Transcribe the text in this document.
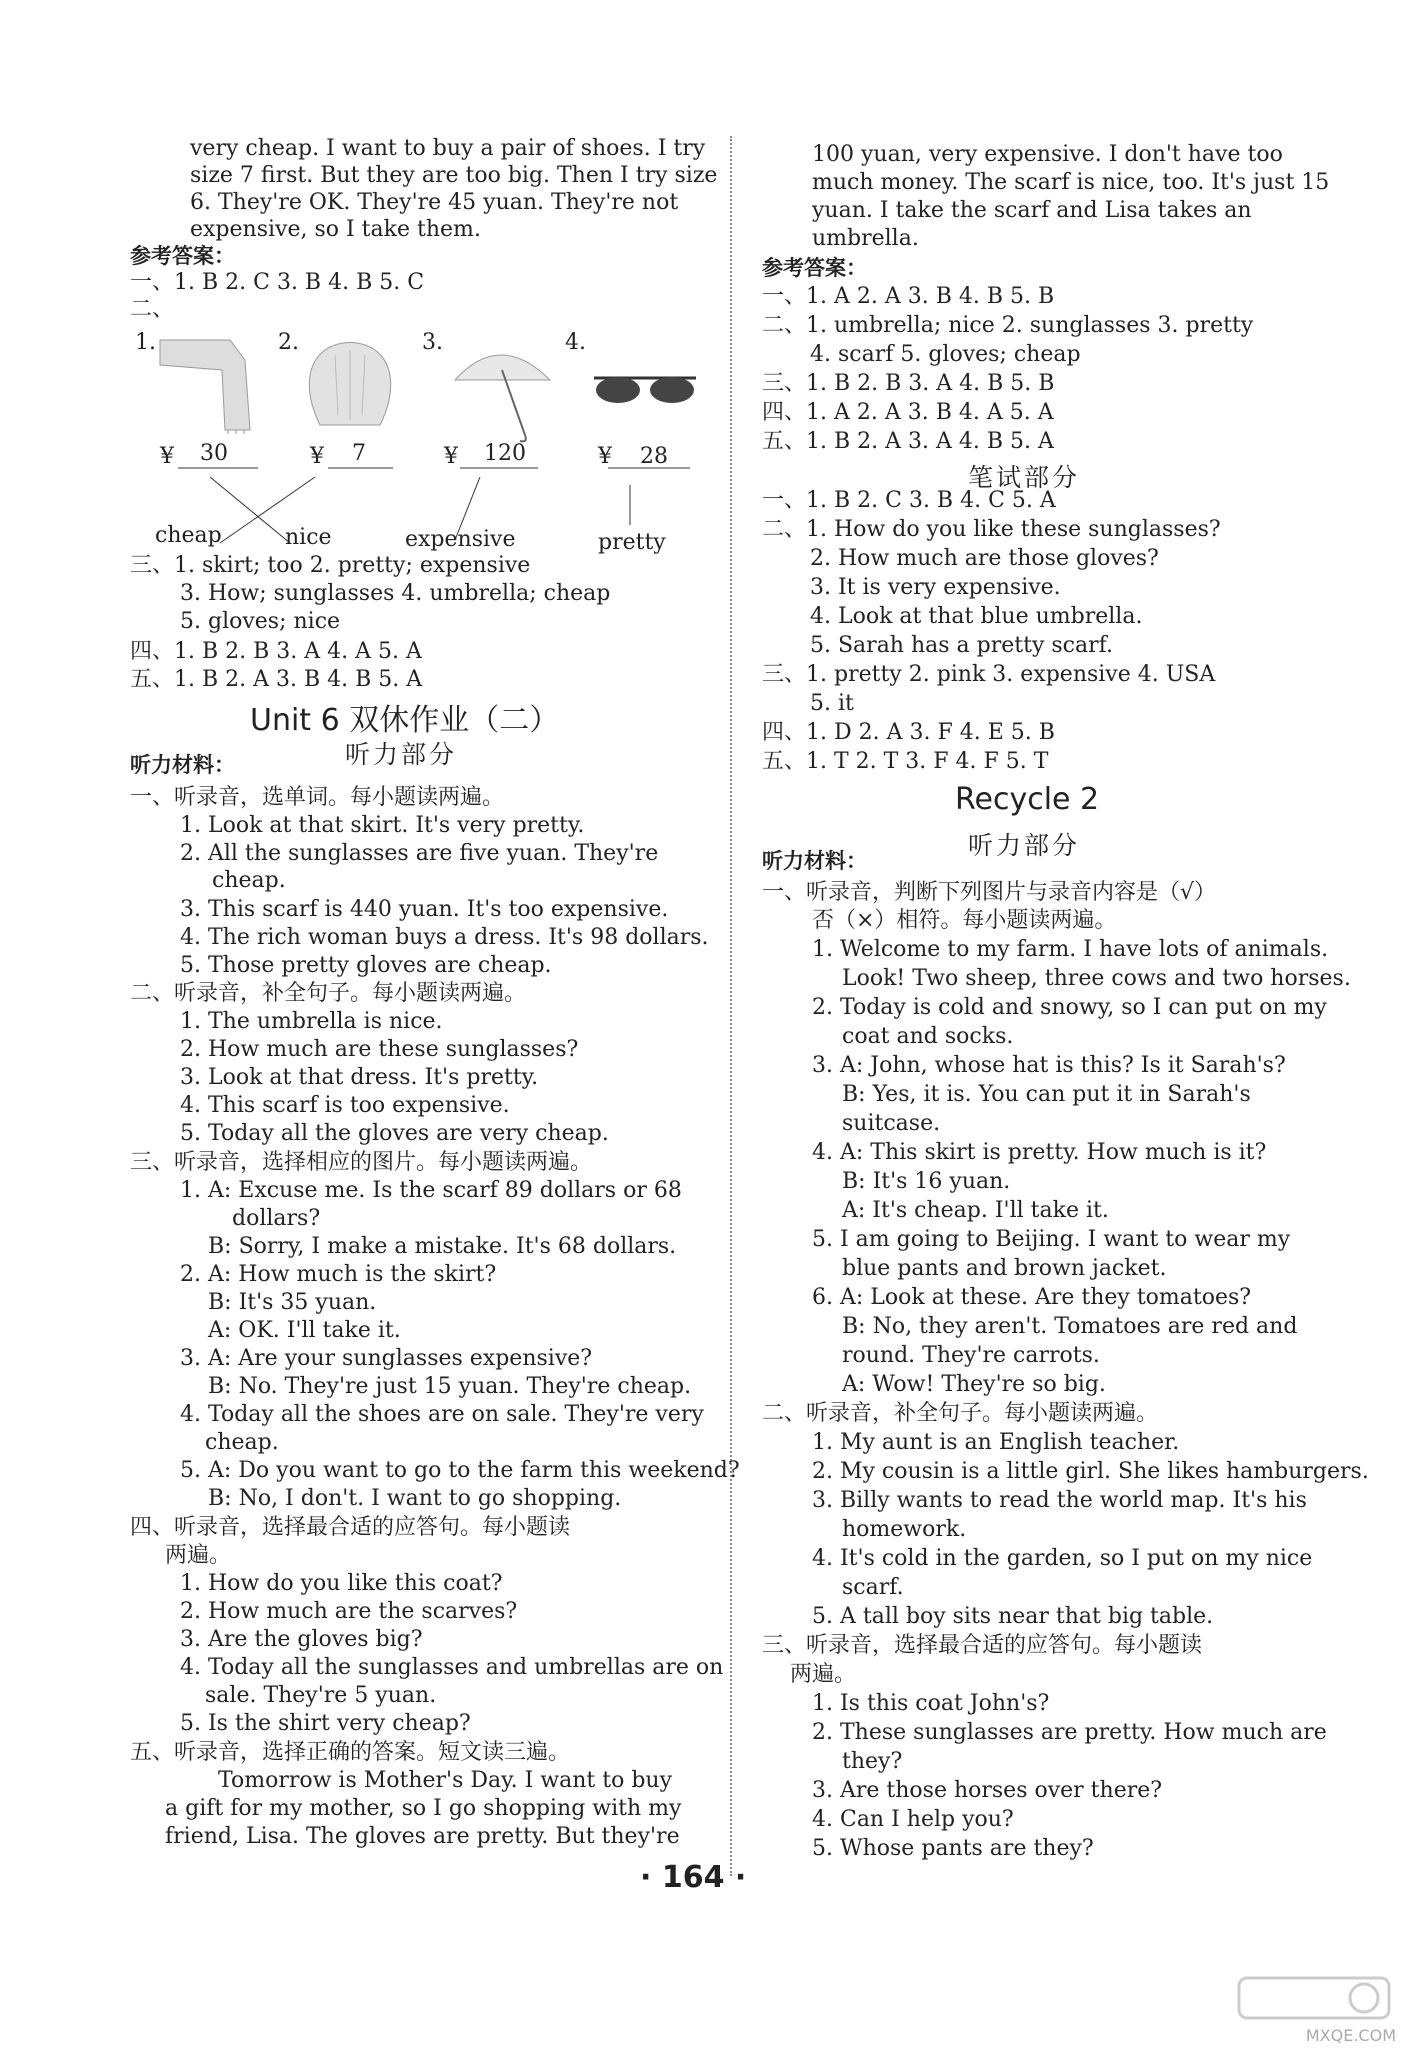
very cheap. I want to buy a pair of shoes. I try
size 7 first. But they are too big. Then I try size
6. They're OK. They're 45 yuan. They're not
expensive, so I take them.
参考答案：
一、1. B 2. C 3. B 4. B 5. C
二、
1.	2.	3.	4.
¥ 30	¥ 7	¥ 120	¥ 28
cheap	nice	expensive	pretty
三、1. skirt; too 2. pretty; expensive
3. How; sunglasses 4. umbrella; cheap
5. gloves; nice
四、1. B 2. B 3. A 4. A 5. A
五、1. B 2. A 3. B 4. B 5. A
Unit 6 双休作业（二）
听力部分
听力材料：
一、听录音，选单词。每小题读两遍。
1. Look at that skirt. It's very pretty.
2. All the sunglasses are five yuan. They're
cheap.
3. This scarf is 440 yuan. It's too expensive.
4. The rich woman buys a dress. It's 98 dollars.
5. Those pretty gloves are cheap.
二、听录音，补全句子。每小题读两遍。
1. The umbrella is nice.
2. How much are these sunglasses?
3. Look at that dress. It's pretty.
4. This scarf is too expensive.
5. Today all the gloves are very cheap.
三、听录音，选择相应的图片。每小题读两遍。
1. A: Excuse me. Is the scarf 89 dollars or 68
dollars?
B: Sorry, I make a mistake. It's 68 dollars.
2. A: How much is the skirt?
B: It's 35 yuan.
A: OK. I'll take it.
3. A: Are your sunglasses expensive?
B: No. They're just 15 yuan. They're cheap.
4. Today all the shoes are on sale. They're very
cheap.
5. A: Do you want to go to the farm this weekend?
B: No, I don't. I want to go shopping.
四、听录音，选择最合适的应答句。每小题读
两遍。
1. How do you like this coat?
2. How much are the scarves?
3. Are the gloves big?
4. Today all the sunglasses and umbrellas are on
sale. They're 5 yuan.
5. Is the shirt very cheap?
五、听录音，选择正确的答案。短文读三遍。
Tomorrow is Mother's Day. I want to buy
a gift for my mother, so I go shopping with my
friend, Lisa. The gloves are pretty. But they're
100 yuan, very expensive. I don't have too
much money. The scarf is nice, too. It's just 15
yuan. I take the scarf and Lisa takes an
umbrella.
参考答案：
一、1. A 2. A 3. B 4. B 5. B
二、1. umbrella; nice 2. sunglasses 3. pretty
4. scarf 5. gloves; cheap
三、1. B 2. B 3. A 4. B 5. B
四、1. A 2. A 3. B 4. A 5. A
五、1. B 2. A 3. A 4. B 5. A
笔试部分
一、1. B 2. C 3. B 4. C 5. A
二、1. How do you like these sunglasses?
2. How much are those gloves?
3. It is very expensive.
4. Look at that blue umbrella.
5. Sarah has a pretty scarf.
三、1. pretty 2. pink 3. expensive 4. USA
5. it
四、1. D 2. A 3. F 4. E 5. B
五、1. T 2. T 3. F 4. F 5. T
Recycle 2
听力部分
听力材料：
一、听录音，判断下列图片与录音内容是（√）
否（×）相符。每小题读两遍。
1. Welcome to my farm. I have lots of animals.
Look! Two sheep, three cows and two horses.
2. Today is cold and snowy, so I can put on my
coat and socks.
3. A: John, whose hat is this? Is it Sarah's?
B: Yes, it is. You can put it in Sarah's
suitcase.
4. A: This skirt is pretty. How much is it?
B: It's 16 yuan.
A: It's cheap. I'll take it.
5. I am going to Beijing. I want to wear my
blue pants and brown jacket.
6. A: Look at these. Are they tomatoes?
B: No, they aren't. Tomatoes are red and
round. They're carrots.
A: Wow! They're so big.
二、听录音，补全句子。每小题读两遍。
1. My aunt is an English teacher.
2. My cousin is a little girl. She likes hamburgers.
3. Billy wants to read the world map. It's his
homework.
4. It's cold in the garden, so I put on my nice
scarf.
5. A tall boy sits near that big table.
三、听录音，选择最合适的应答句。每小题读
两遍。
1. Is this coat John's?
2. These sunglasses are pretty. How much are
they?
3. Are those horses over there?
4. Can I help you?
5. Whose pants are they?
· 164 ·
MXQE.COM
